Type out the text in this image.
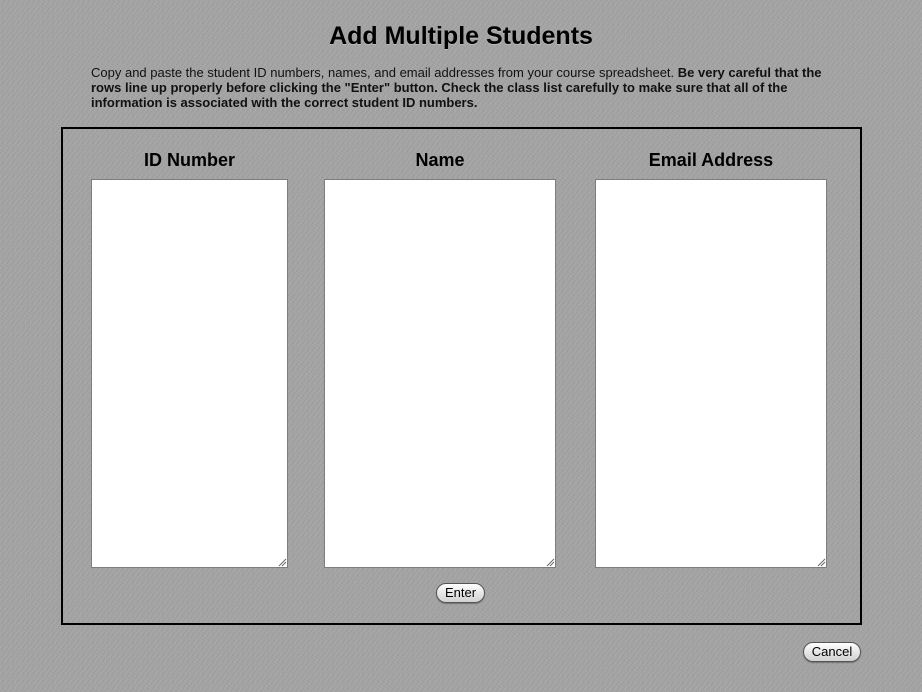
Add Multiple Students

Copy and paste the student ID numbers, names, and email addresses from your course spreadsheet. Be very careful that the rows line up properly before clicking the "Enter" button. Check the class list carefully to make sure that all of the information is associated with the correct student ID numbers.

ID Number	Name	Email Address
Enter
Cancel
